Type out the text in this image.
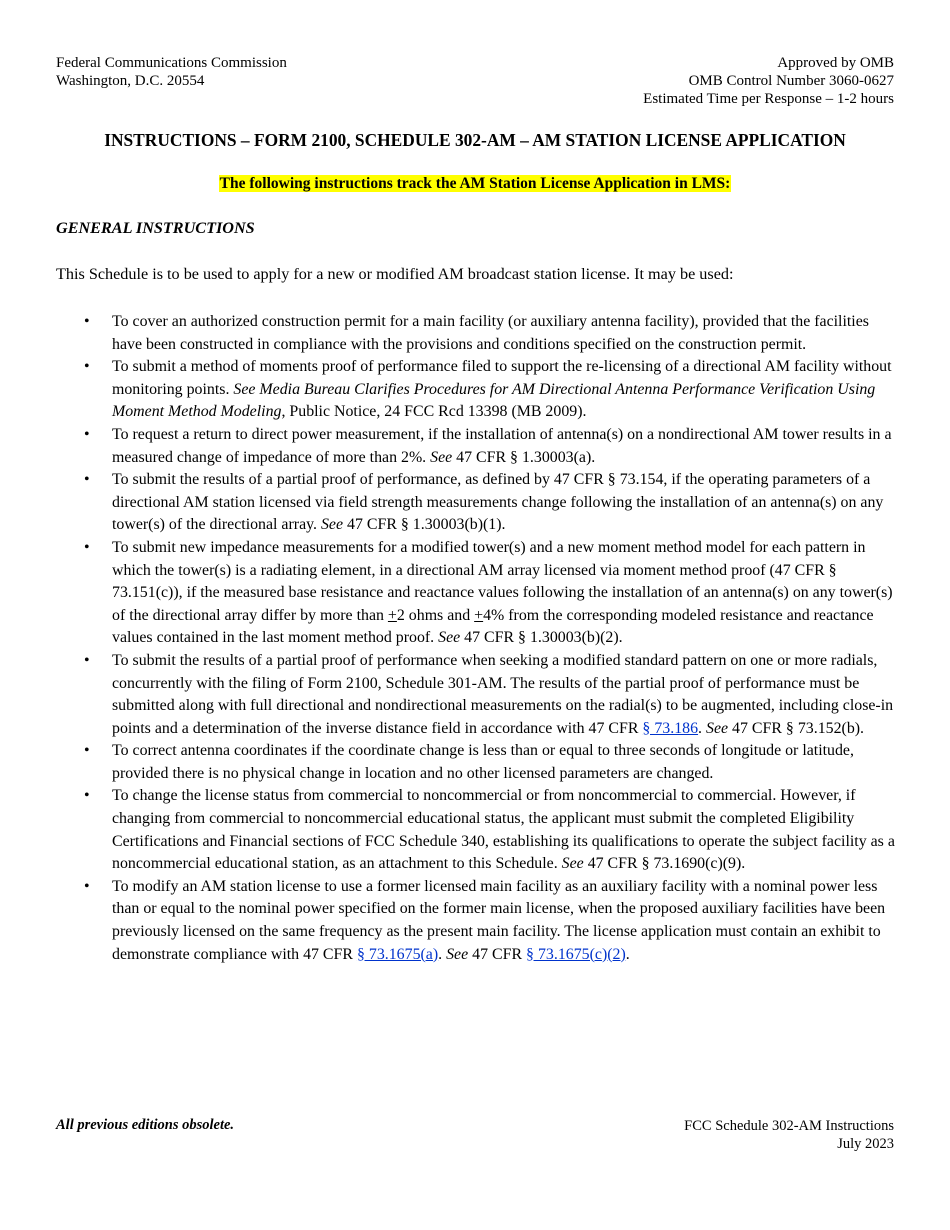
Federal Communications Commission
Washington, D.C. 20554
Approved by OMB
OMB Control Number 3060-0627
Estimated Time per Response – 1-2 hours
INSTRUCTIONS – FORM 2100, SCHEDULE 302-AM – AM STATION LICENSE APPLICATION
The following instructions track the AM Station License Application in LMS:
GENERAL INSTRUCTIONS
This Schedule is to be used to apply for a new or modified AM broadcast station license. It may be used:
• To cover an authorized construction permit for a main facility (or auxiliary antenna facility), provided that the facilities have been constructed in compliance with the provisions and conditions specified on the construction permit.
• To submit a method of moments proof of performance filed to support the re-licensing of a directional AM facility without monitoring points. See Media Bureau Clarifies Procedures for AM Directional Antenna Performance Verification Using Moment Method Modeling, Public Notice, 24 FCC Rcd 13398 (MB 2009).
• To request a return to direct power measurement, if the installation of antenna(s) on a nondirectional AM tower results in a measured change of impedance of more than 2%. See 47 CFR § 1.30003(a).
• To submit the results of a partial proof of performance, as defined by 47 CFR § 73.154, if the operating parameters of a directional AM station licensed via field strength measurements change following the installation of an antenna(s) on any tower(s) of the directional array. See 47 CFR § 1.30003(b)(1).
• To submit new impedance measurements for a modified tower(s) and a new moment method model for each pattern in which the tower(s) is a radiating element, in a directional AM array licensed via moment method proof (47 CFR § 73.151(c)), if the measured base resistance and reactance values following the installation of an antenna(s) on any tower(s) of the directional array differ by more than +2 ohms and +4% from the corresponding modeled resistance and reactance values contained in the last moment method proof. See 47 CFR § 1.30003(b)(2).
• To submit the results of a partial proof of performance when seeking a modified standard pattern on one or more radials, concurrently with the filing of Form 2100, Schedule 301-AM. The results of the partial proof of performance must be submitted along with full directional and nondirectional measurements on the radial(s) to be augmented, including close-in points and a determination of the inverse distance field in accordance with 47 CFR § 73.186. See 47 CFR § 73.152(b).
• To correct antenna coordinates if the coordinate change is less than or equal to three seconds of longitude or latitude, provided there is no physical change in location and no other licensed parameters are changed.
• To change the license status from commercial to noncommercial or from noncommercial to commercial. However, if changing from commercial to noncommercial educational status, the applicant must submit the completed Eligibility Certifications and Financial sections of FCC Schedule 340, establishing its qualifications to operate the subject facility as a noncommercial educational station, as an attachment to this Schedule. See 47 CFR § 73.1690(c)(9).
• To modify an AM station license to use a former licensed main facility as an auxiliary facility with a nominal power less than or equal to the nominal power specified on the former main license, when the proposed auxiliary facilities have been previously licensed on the same frequency as the present main facility. The license application must contain an exhibit to demonstrate compliance with 47 CFR § 73.1675(a). See 47 CFR § 73.1675(c)(2).
All previous editions obsolete.	FCC Schedule 302-AM Instructions
July 2023
